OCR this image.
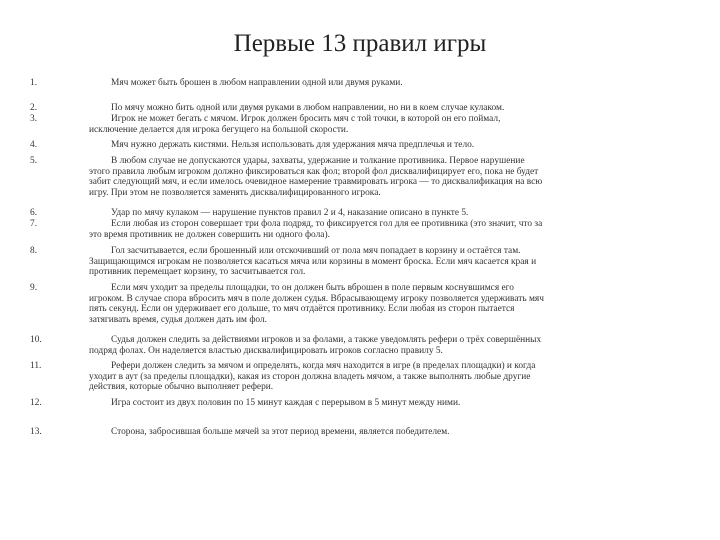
Первые 13 правил игры
1.	Мяч может быть брошен в любом направлении одной или двумя руками.
2.	По мячу можно бить одной или двумя руками в любом направлении, но ни в коем случае кулаком.
3.	Игрок не может бегать с мячом. Игрок должен бросить мяч с той точки, в которой он его поймал,
исключение делается для игрока бегущего на большой скорости.
4.	Мяч нужно держать кистями. Нельзя использовать для удержания мяча предплечья и тело.
5.	В любом случае не допускаются удары, захваты, удержание и толкание противника. Первое нарушение
этого правила любым игроком должно фиксироваться как фол; второй фол дисквалифицирует его, пока не будет
забит следующий мяч, и если имелось очевидное намерение травмировать игрока — то дисквалификация на всю
игру. При этом не позволяется заменять дисквалифицированного игрока.
6.	Удар по мячу кулаком — нарушение пунктов правил 2 и 4, наказание описано в пункте 5.
7.	Если любая из сторон совершает три фола подряд, то фиксируется гол для ее противника (это значит, что за
это время противник не должен совершить ни одного фола).
8.	Гол засчитывается, если брошенный или отскочивший от пола мяч попадает в корзину и остаётся там.
Защищающимся игрокам не позволяется касаться мяча или корзины в момент броска. Если мяч касается края и
противник перемещает корзину, то засчитывается гол.
9.	Если мяч уходит за пределы площадки, то он должен быть вброшен в поле первым коснувшимся его
игроком. В случае спора вбросить мяч в поле должен судья. Вбрасывающему игроку позволяется удерживать мяч
пять секунд. Если он удерживает его дольше, то мяч отдаётся противнику. Если любая из сторон пытается
затягивать время, судья должен дать им фол.
10.	Судья должен следить за действиями игроков и за фолами, а также уведомлять рефери о трёх совершённых
подряд фолах. Он наделяется властью дисквалифицировать игроков согласно правилу 5.
11.	Рефери должен следить за мячом и определять, когда мяч находится в игре (в пределах площадки) и когда
уходит в аут (за пределы площадки), какая из сторон должна владеть мячом, а также выполнять любые другие
действия, которые обычно выполняет рефери.
12.	Игра состоит из двух половин по 15 минут каждая с перерывом в 5 минут между ними.
13.	Сторона, забросившая больше мячей за этот период времени, является победителем.
